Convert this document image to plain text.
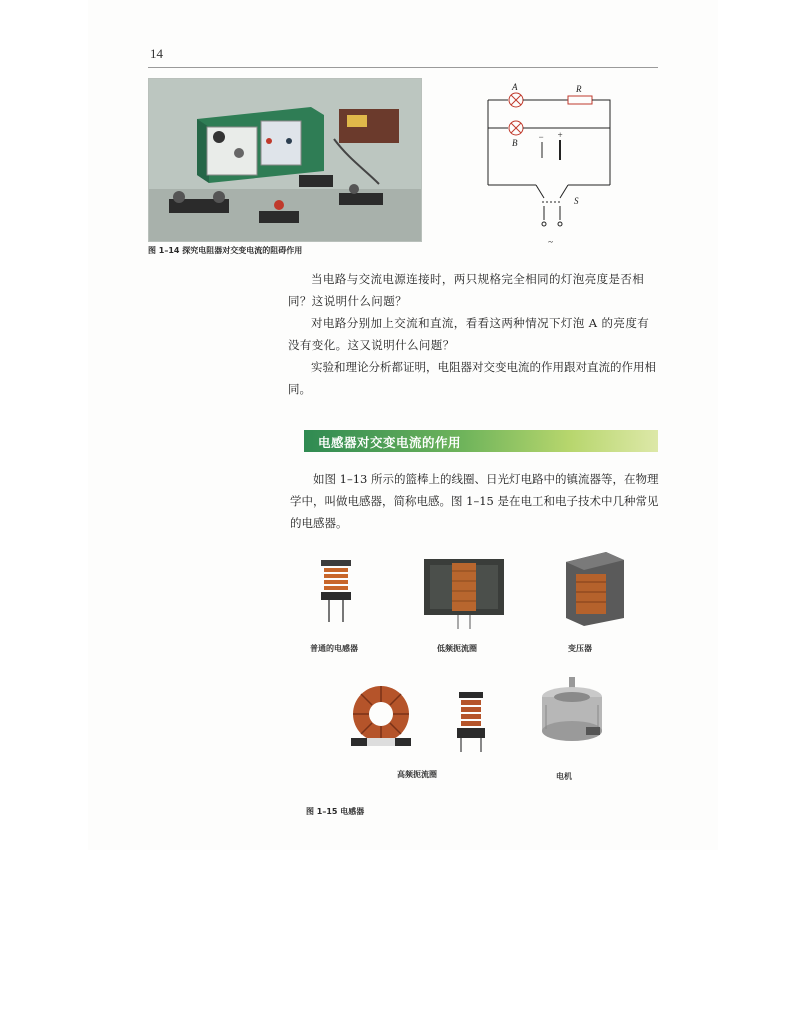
14
图 1–14 探究电阻器对交变电流的阻碍作用
A
B
R
S
− +
~
当电路与交流电源连接时，两只规格完全相同的灯泡亮度是否相同？这说明什么问题？
对电路分别加上交流和直流，看看这两种情况下灯泡 A 的亮度有没有变化。这又说明什么问题？
实验和理论分析都证明，电阻器对交变电流的作用跟对直流的作用相同。
电感器对交变电流的作用
如图 1–13 所示的篮棒上的线圈、日光灯电路中的镇流器等，在物理学中，叫做电感器，简称电感。图 1–15 是在电工和电子技术中几种常见的电感器。
普通的电感器	低频扼流圈	变压器
高频扼流圈	电机
图 1–15 电感器
